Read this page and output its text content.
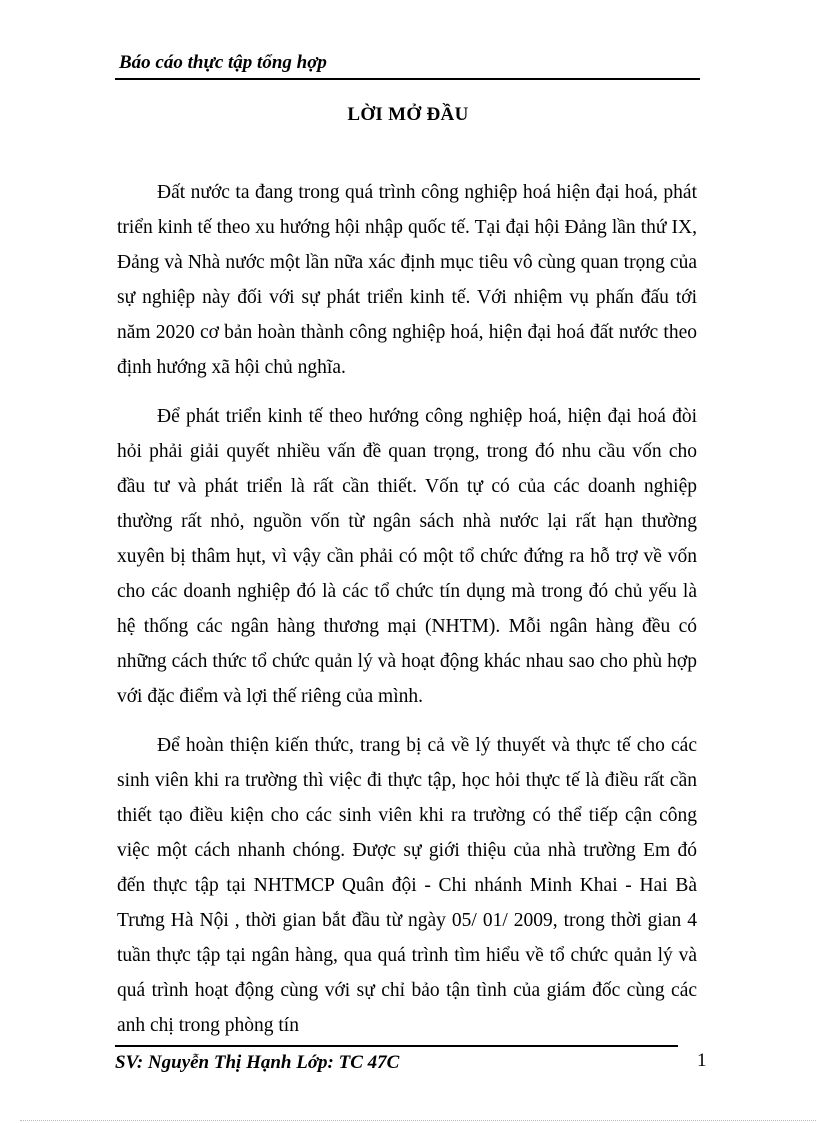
Báo cáo thực tập tổng hợp
LỜI MỞ ĐẦU

Đất nước ta đang trong quá trình công nghiệp hoá hiện đại hoá, phát triển kinh tế theo xu hướng hội nhập quốc tế. Tại đại hội Đảng lần thứ IX, Đảng và Nhà nước một lần nữa xác định mục tiêu vô cùng quan trọng của sự nghiệp này đối với sự phát triển kinh tế. Với nhiệm vụ phấn đấu tới năm 2020 cơ bản hoàn thành công nghiệp hoá, hiện đại hoá đất nước theo định hướng xã hội chủ nghĩa.

Để phát triển kinh tế theo hướng công nghiệp hoá, hiện đại hoá đòi hỏi phải giải quyết nhiều vấn đề quan trọng, trong đó nhu cầu vốn cho đầu tư và phát triển là rất cần thiết. Vốn tự có của các doanh nghiệp thường rất nhỏ, nguồn vốn từ ngân sách nhà nước lại rất hạn thường xuyên bị thâm hụt, vì vậy cần phải có một tổ chức đứng ra hỗ trợ về vốn cho các doanh nghiệp đó là các tổ chức tín dụng mà trong đó chủ yếu là hệ thống các ngân hàng thương mại (NHTM). Mỗi ngân hàng đều có những cách thức tổ chức quản lý và hoạt động khác nhau sao cho phù hợp với đặc điểm và lợi thế riêng của mình.

Để hoàn thiện kiến thức, trang bị cả về lý thuyết và thực tế cho các sinh viên khi ra trường thì việc đi thực tập, học hỏi thực tế là điều rất cần thiết tạo điều kiện cho các sinh viên khi ra trường có thể tiếp cận công việc một cách nhanh chóng. Được sự giới thiệu của nhà trường Em đó đến thực tập tại NHTMCP Quân đội - Chi nhánh Minh Khai - Hai Bà Trưng Hà Nội , thời gian bắt đầu từ ngày 05/ 01/ 2009, trong thời gian 4 tuần thực tập tại ngân hàng, qua quá trình tìm hiểu về tổ chức quản lý và quá trình hoạt động cùng với sự chỉ bảo tận tình của giám đốc cùng các anh chị trong phòng tín

SV: Nguyễn Thị Hạnh Lớp: TC 47C	1
